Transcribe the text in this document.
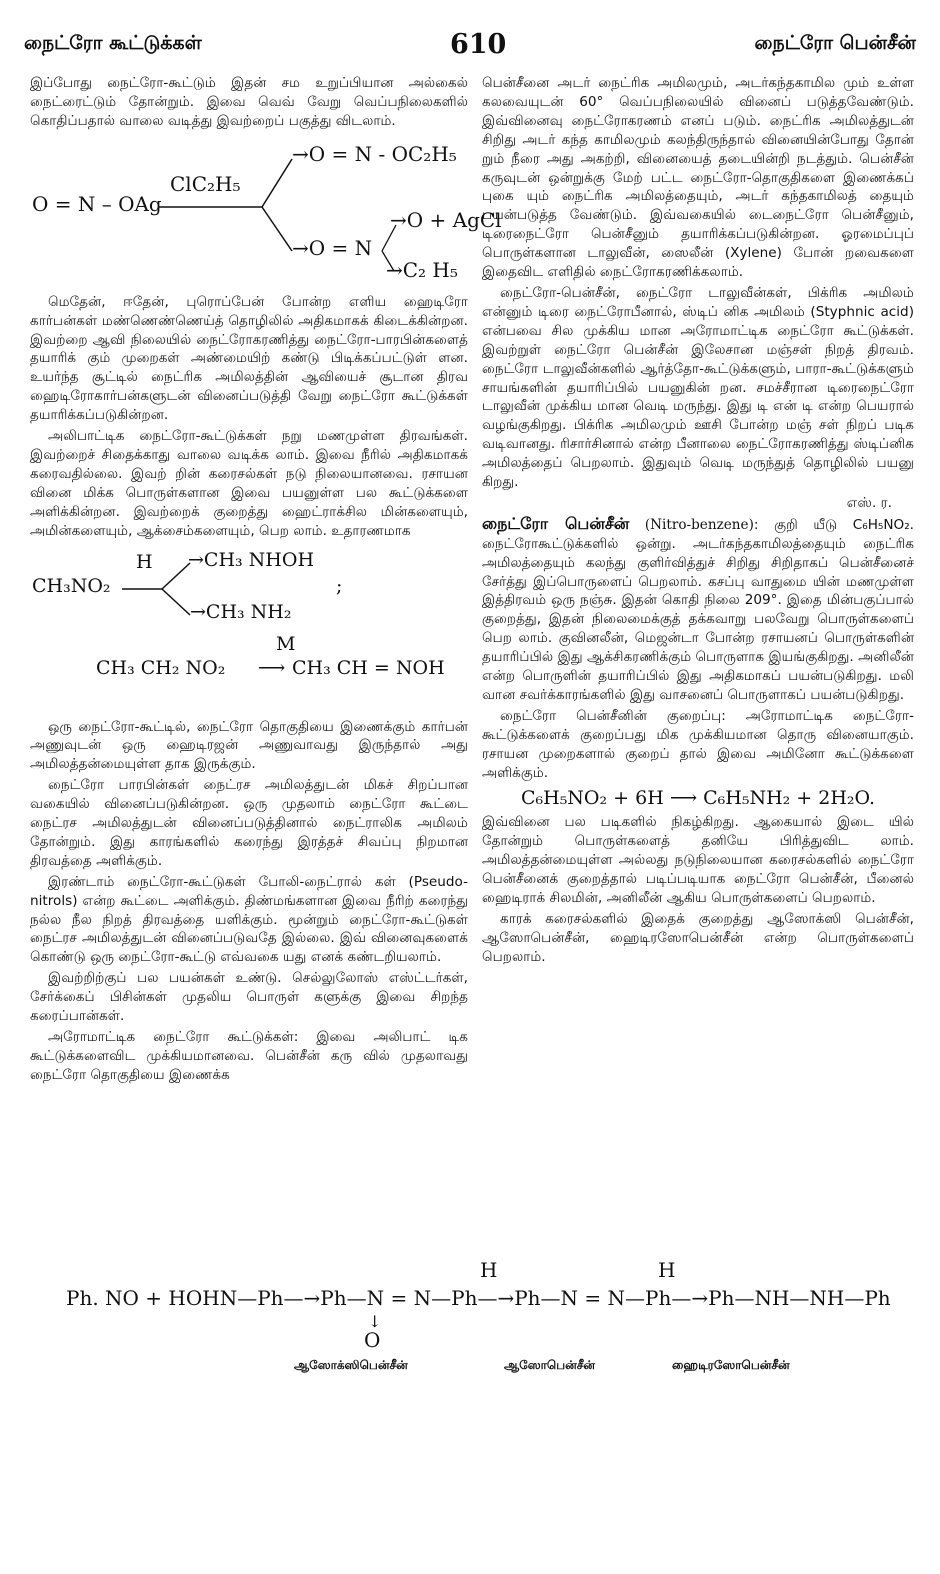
நைட்ரோ கூட்டுக்கள்	610	நைட்ரோ பென்சீன்

இப்போது நைட்ரோ-கூட்டும் இதன் சம உறுப்பியான அல்கைல் நைட்ரைட்டும் தோன்றும். இவை வெவ் வேறு வெப்பநிலைகளில் கொதிப்பதால் வாலை வடித்து இவற்றைப் பகுத்து விடலாம்.

O = N – OAg
ClC₂H₅
→O = N - OC₂H₅
→O + AgCl
→O = N
→C₂ H₅

மெதேன், ஈதேன், புரொப்பேன் போன்ற எளிய ஹைடிரோ கார்பன்கள் மண்ணெண்ணெய்த் தொழிலில் அதிகமாகக் கிடைக்கின்றன. இவற்றை ஆவி நிலையில் நைட்ரோகரணித்து நைட்ரோ-பாரபின்களைத் தயாரிக் கும் முறைகள் அண்மையிற் கண்டு பிடிக்கப்பட்டுள் ளன. உயர்ந்த சூட்டில் நைட்ரிக அமிலத்தின் ஆவியைச் சூடான திரவ ஹைடிரோகார்பன்களுடன் வினைப்படுத்தி வேறு நைட்ரோ கூட்டுக்கள் தயாரிக்கப்படுகின்றன.

அலிபாட்டிக நைட்ரோ-கூட்டுக்கள் நறு மணமுள்ள திரவங்கள். இவற்றைச் சிதைக்காது வாலை வடிக்க லாம். இவை நீரில் அதிகமாகக் கரைவதில்லை. இவற் றின் கரைசல்கள் நடு நிலையானவை. ரசாயன வினை மிக்க பொருள்களான இவை பயனுள்ள பல கூட்டுக்களை அளிக்கின்றன. இவற்றைக் குறைத்து ஹைட்ராக்சில மின்களையும், அமின்களையும், ஆக்சைம்களையும், பெற லாம். உதாரணமாக

CH₃NO₂
H →CH₃ NHOH
;
→CH₃ NH₂
M
CH₃ CH₂ NO₂ ⟶ CH₃ CH = NOH

ஒரு நைட்ரோ-கூட்டில், நைட்ரோ தொகுதியை இணைக்கும் கார்பன் அணுவுடன் ஒரு ஹைடிரஜன் அணுவாவது இருந்தால் அது அமிலத்தன்மையுள்ள தாக இருக்கும்.

நைட்ரோ பாரபின்கள் நைட்ரச அமிலத்துடன் மிகச் சிறப்பான வகையில் வினைப்படுகின்றன. ஒரு முதலாம் நைட்ரோ கூட்டை நைட்ரச அமிலத்துடன் வினைப்படுத்தினால் நைட்ராலிக அமிலம் தோன்றும். இது காரங்களில் கரைந்து இரத்தச் சிவப்பு நிறமான திரவத்தை அளிக்கும்.

இரண்டாம் நைட்ரோ-கூட்டுகள் போலி-நைட்ரால் கள் (Pseudo-nitrols) என்ற கூட்டை அளிக்கும். திண்மங்களான இவை நீரிற் கரைந்து நல்ல நீல நிறத் திரவத்தை யளிக்கும். மூன்றும் நைட்ரோ-கூட்டுகள் நைட்ரச அமிலத்துடன் வினைப்படுவதே இல்லை. இவ் வினைவுகளைக் கொண்டு ஒரு நைட்ரோ-கூட்டு எவ்வகை யது எனக் கண்டறியலாம்.

இவற்றிற்குப் பல பயன்கள் உண்டு. செல்லுலோஸ் எஸ்ட்டர்கள், சேர்க்கைப் பிசின்கள் முதலிய பொருள் களுக்கு இவை சிறந்த கரைப்பான்கள்.

அரோமாட்டிக நைட்ரோ கூட்டுக்கள்: இவை அலிபாட் டிக கூட்டுக்களைவிட முக்கியமானவை. பென்சீன் கரு வில் முதலாவது நைட்ரோ தொகுதியை இணைக்க

பென்சீனை அடர் நைட்ரிக அமிலமும், அடர்கந்தகாமில மும் உள்ள கலவையுடன் 60° வெப்பநிலையில் வினைப் படுத்தவேண்டும். இவ்வினைவு நைட்ரோகரணம் எனப் படும். நைட்ரிக அமிலத்துடன் சிறிது அடர் கந்த காமிலமும் கலந்திருந்தால் வினையின்போது தோன் றும் நீரை அது அகற்றி, வினையைத் தடையின்றி நடத்தும். பென்சீன் கருவுடன் ஒன்றுக்கு மேற் பட்ட நைட்ரோ-தொகுதிகளை இணைக்கப் புகை யும் நைட்ரிக அமிலத்தையும், அடர் கந்தகாமிலத் தையும் பயன்படுத்த வேண்டும். இவ்வகையில் டைநைட்ரோ பென்சீனும், டிரைநைட்ரோ பென்சீனும் தயாரிக்கப்படுகின்றன. ஓரமைப்புப் பொருள்களான டாலுவீன், ஸைலீன் (Xylene) போன் றவைகளை இதைவிட எளிதில் நைட்ரோகரணிக்கலாம்.

நைட்ரோ-பென்சீன், நைட்ரோ டாலுவீன்கள், பிக்ரிக அமிலம் என்னும் டிரை நைட்ரோபீனால், ஸ்டிப் னிக அமிலம் (Styphnic acid) என்பவை சில முக்கிய மான அரோமாட்டிக நைட்ரோ கூட்டுக்கள். இவற்றுள் நைட்ரோ பென்சீன் இலேசான மஞ்சள் நிறத் திரவம். நைட்ரோ டாலுவீன்களில் ஆர்த்தோ-கூட்டுக்களும், பாரா-கூட்டுக்களும் சாயங்களின் தயாரிப்பில் பயனுகின் றன. சமச்சீரான டிரைநைட்ரோ டாலுவீன் முக்கிய மான வெடி மருந்து. இது டி என் டி என்ற பெயரால் வழங்குகிறது. பிக்ரிக அமிலமும் ஊசி போன்ற மஞ் சள் நிறப் படிக வடிவானது. ரிசார்சினால் என்ற பீனாலை நைட்ரோகரணித்து ஸ்டிப்னிக அமிலத்தைப் பெறலாம். இதுவும் வெடி மருந்துத் தொழிலில் பயனு கிறது.

எஸ். ர.

நைட்ரோ பென்சீன் (Nitro-benzene): குறி யீடு C₆H₅NO₂. நைட்ரோகூட்டுக்களில் ஒன்று. அடர்கந்தகாமிலத்தையும் நைட்ரிக அமிலத்தையும் கலந்து குளிர்வித்துச் சிறிது சிறிதாகப் பென்சீனைச் சேர்த்து இப்பொருளைப் பெறலாம். கசப்பு வாதுமை யின் மணமுள்ள இத்திரவம் ஒரு நஞ்சு. இதன் கொதி நிலை 209°. இதை மின்பகுப்பால் குறைத்து, இதன் நிலைமைக்குத் தக்கவாறு பலவேறு பொருள்களைப் பெற லாம். குவினலீன், மெஜன்டா போன்ற ரசாயனப் பொருள்களின் தயாரிப்பில் இது ஆக்சிகரணிக்கும் பொருளாக இயங்குகிறது. அனிலீன் என்ற பொருளின் தயாரிப்பில் இது அதிகமாகப் பயன்படுகிறது. மலி வான சவர்க்காரங்களில் இது வாசனைப் பொருளாகப் பயன்படுகிறது.

நைட்ரோ பென்சீனின் குறைப்பு: அரோமாட்டிக நைட்ரோ-கூட்டுக்களைக் குறைப்பது மிக முக்கியமான தொரு வினையாகும். ரசாயன முறைகளால் குறைப் தால் இவை அமினோ கூட்டுக்களை அளிக்கும்.

C₆H₅NO₂ + 6H ⟶ C₆H₅NH₂ + 2H₂O.

இவ்வினை பல படிகளில் நிகழ்கிறது. ஆகையால் இடை யில் தோன்றும் பொருள்களைத் தனியே பிரித்துவிட லாம். அமிலத்தன்மையுள்ள அல்லது நடுநிலையான கரைசல்களில் நைட்ரோ பென்சீனைக் குறைத்தால் படிப்படியாக நைட்ரோ பென்சீன், பீனைல் ஹைடிராக் சிலமின், அனிலீன் ஆகிய பொருள்களைப் பெறலாம்.

காரக் கரைசல்களில் இதைக் குறைத்து ஆஸோக்ஸி பென்சீன், ஆஸோபென்சீன், ஹைடிரஸோபென்சீன் என்ற பொருள்களைப் பெறலாம்.

H	H
Ph. NO + HOHN—Ph—→Ph—N = N—Ph—→Ph—N = N—Ph—→Ph—NH—NH—Ph
↓
O
ஆஸோக்ஸிபென்சீன்	ஆஸோபென்சீன்	ஹைடிரஸோபென்சீன்
